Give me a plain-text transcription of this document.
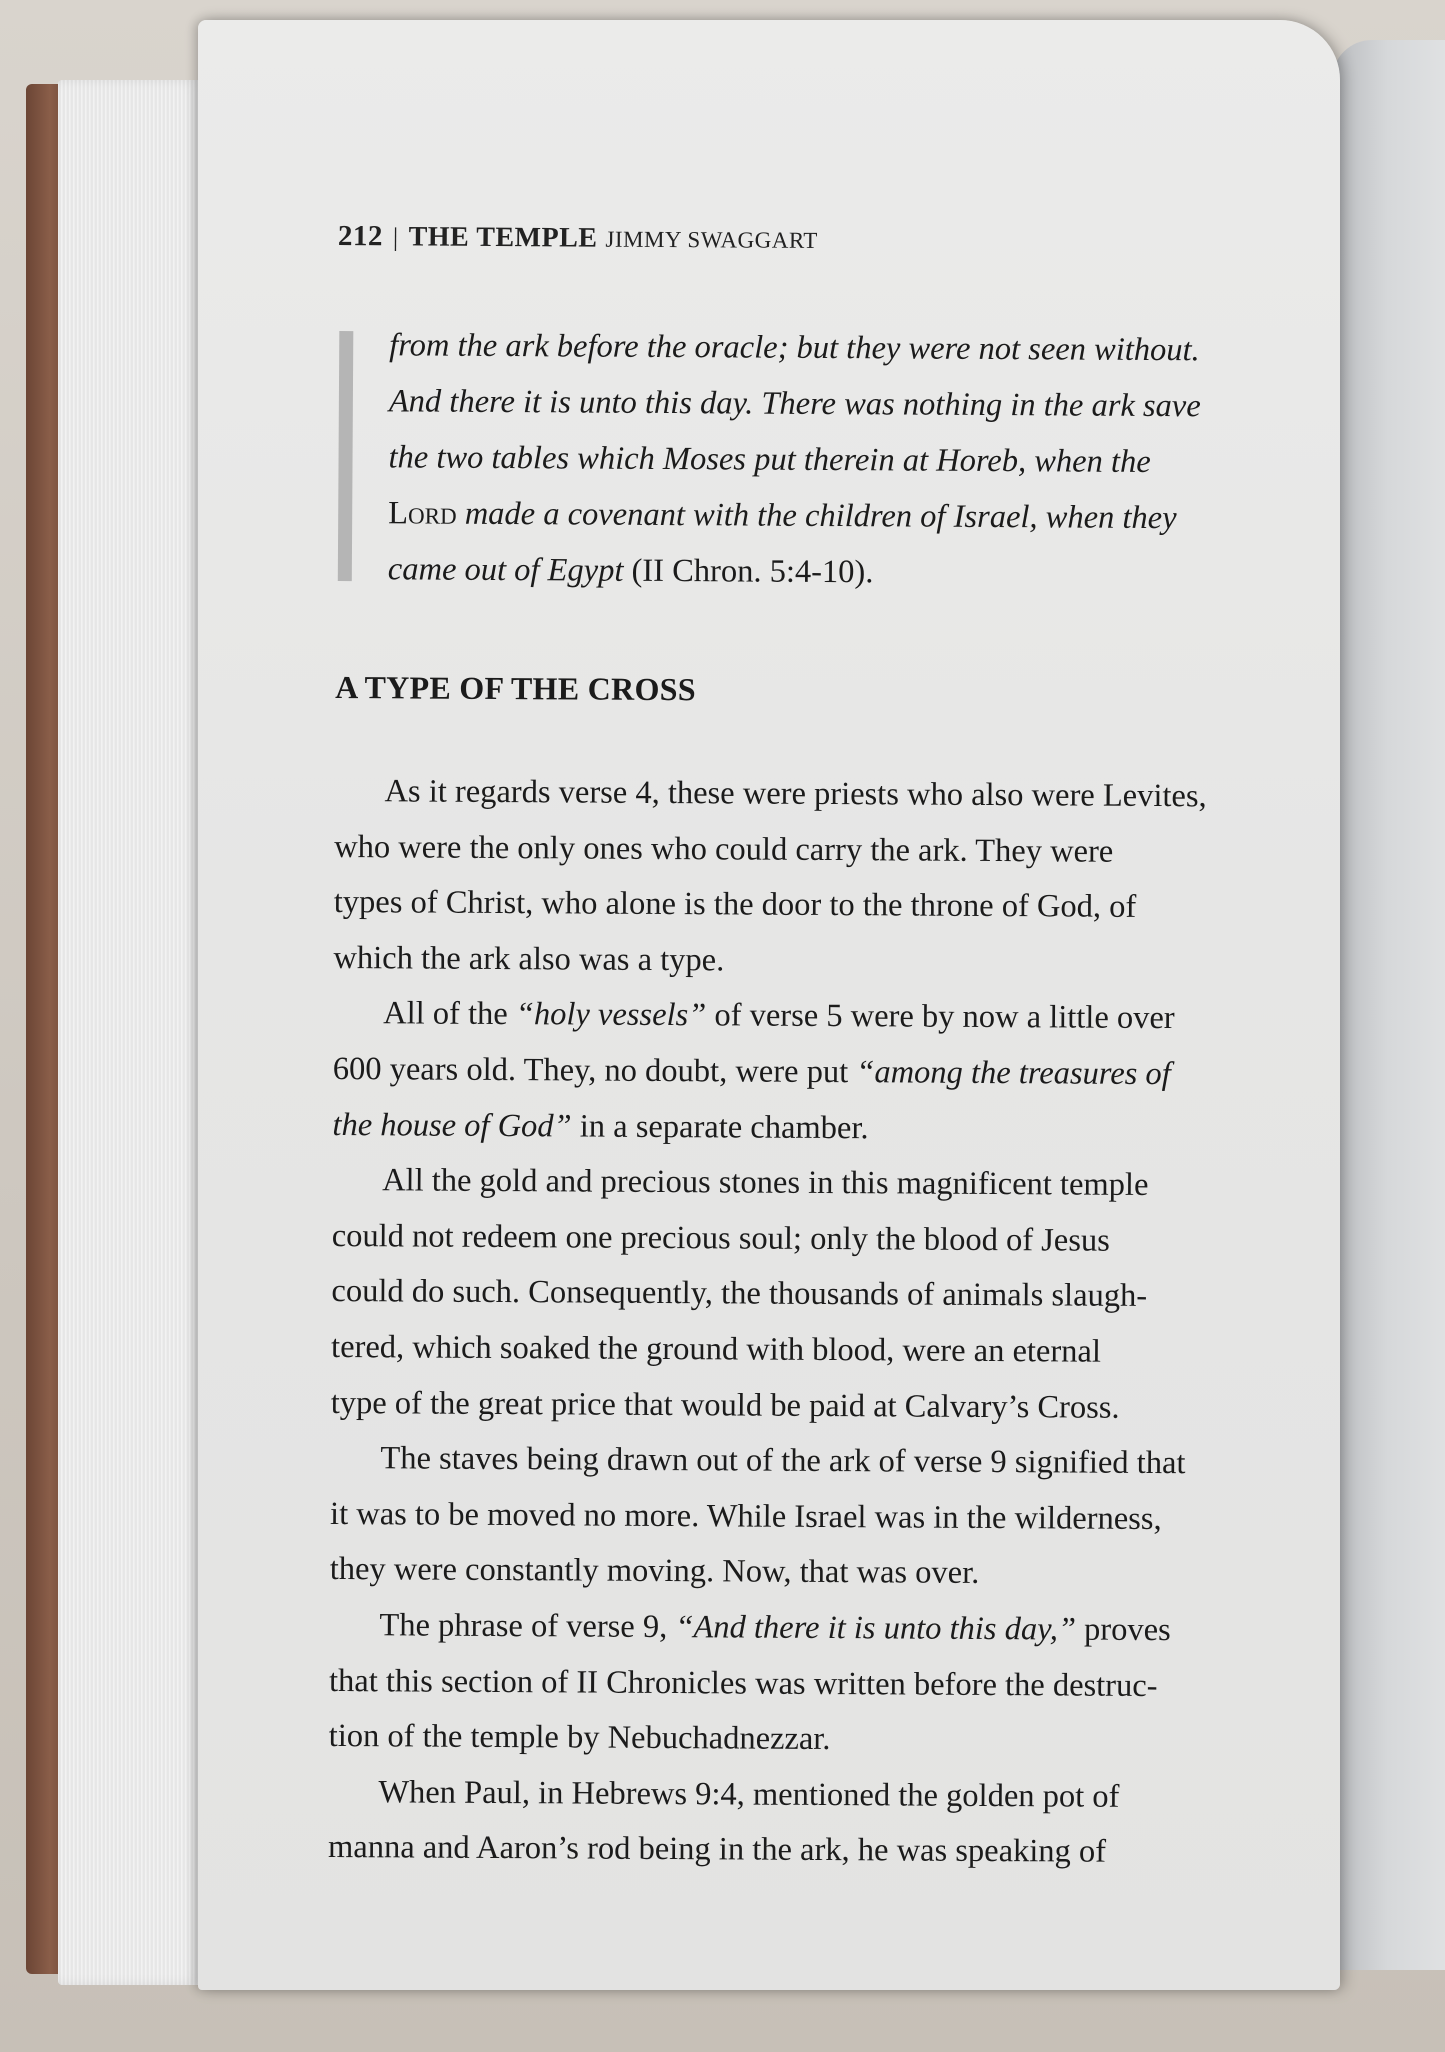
212 | THE TEMPLE JIMMY SWAGGART
from the ark before the oracle; but they were not seen without.
And there it is unto this day. There was nothing in the ark save
the two tables which Moses put therein at Horeb, when the
Lord made a covenant with the children of Israel, when they
came out of Egypt (II Chron. 5:4-10).
A TYPE OF THE CROSS
As it regards verse 4, these were priests who also were Levites,
who were the only ones who could carry the ark. They were
types of Christ, who alone is the door to the throne of God, of
which the ark also was a type.
All of the “holy vessels” of verse 5 were by now a little over
600 years old. They, no doubt, were put “among the treasures of
the house of God” in a separate chamber.
All the gold and precious stones in this magnificent temple
could not redeem one precious soul; only the blood of Jesus
could do such. Consequently, the thousands of animals slaugh-
tered, which soaked the ground with blood, were an eternal
type of the great price that would be paid at Calvary’s Cross.
The staves being drawn out of the ark of verse 9 signified that
it was to be moved no more. While Israel was in the wilderness,
they were constantly moving. Now, that was over.
The phrase of verse 9, “And there it is unto this day,” proves
that this section of II Chronicles was written before the destruc-
tion of the temple by Nebuchadnezzar.
When Paul, in Hebrews 9:4, mentioned the golden pot of
manna and Aaron’s rod being in the ark, he was speaking of
